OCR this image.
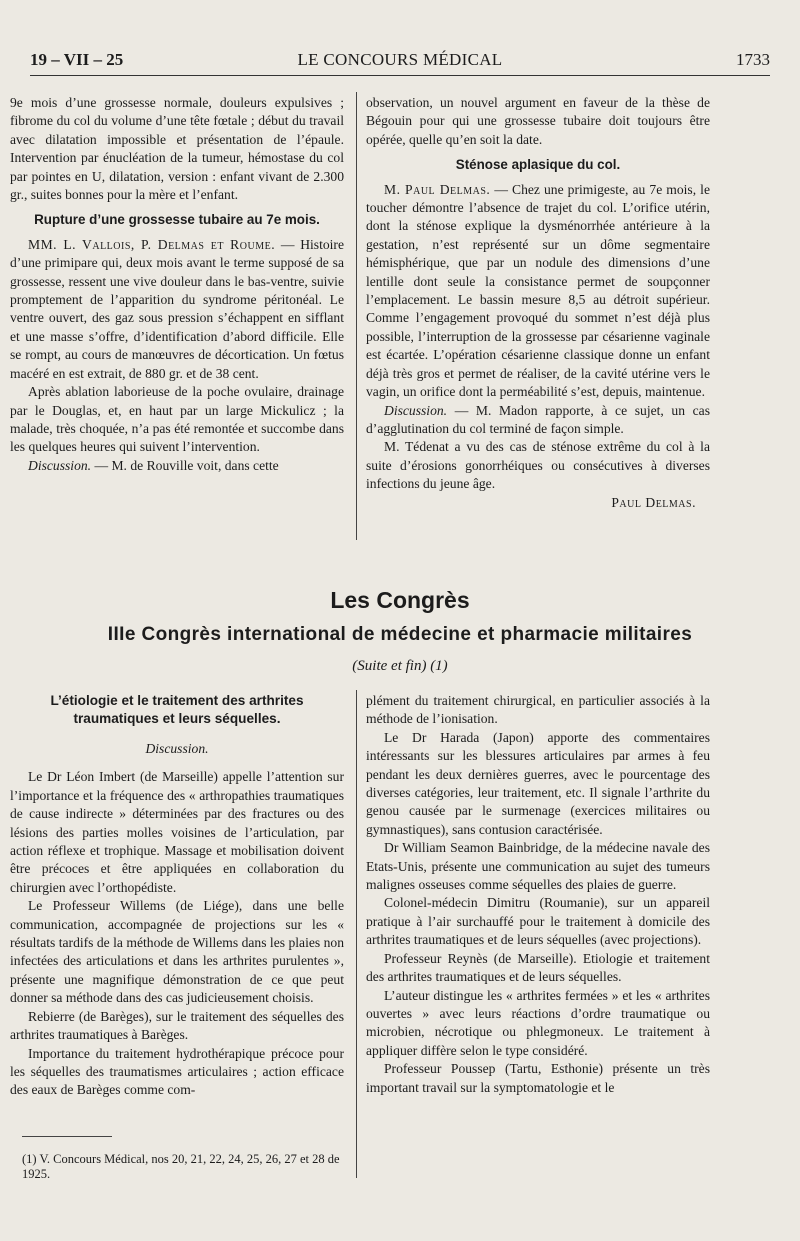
19 – VII – 25	LE CONCOURS MÉDICAL	1733

9e mois d’une grossesse normale, douleurs expulsives ; fibrome du col du volume d’une tête fœtale ; début du travail avec dilatation impossible et présentation de l’épaule. Intervention par énucléation de la tumeur, hémostase du col par pointes en U, dilatation, version : enfant vivant de 2.300 gr., suites bonnes pour la mère et l’enfant.

Rupture d’une grossesse tubaire au 7e mois.

MM. L. Vallois, P. Delmas et Roume. — Histoire d’une primipare qui, deux mois avant le terme supposé de sa grossesse, ressent une vive douleur dans le bas-ventre, suivie promptement de l’apparition du syndrome péritonéal. Le ventre ouvert, des gaz sous pression s’échappent en sifflant et une masse s’offre, d’identification d’abord difficile. Elle se rompt, au cours de manœuvres de décortication. Un fœtus macéré en est extrait, de 880 gr. et de 38 cent.

Après ablation laborieuse de la poche ovulaire, drainage par le Douglas, et, en haut par un large Mickulicz ; la malade, très choquée, n’a pas été remontée et succombe dans les quelques heures qui suivent l’intervention.

Discussion. — M. de Rouville voit, dans cette

observation, un nouvel argument en faveur de la thèse de Bégouin pour qui une grossesse tubaire doit toujours être opérée, quelle qu’en soit la date.

Sténose aplasique du col.

M. Paul Delmas. — Chez une primigeste, au 7e mois, le toucher démontre l’absence de trajet du col. L’orifice utérin, dont la sténose explique la dysménorrhée antérieure à la gestation, n’est représenté sur un dôme segmentaire hémisphérique, que par un nodule des dimensions d’une lentille dont seule la consistance permet de soupçonner l’emplacement. Le bassin mesure 8,5 au détroit supérieur. Comme l’engagement provoqué du sommet n’est déjà plus possible, l’interruption de la grossesse par césarienne vaginale est écartée. L’opération césarienne classique donne un enfant déjà très gros et permet de réaliser, de la cavité utérine vers le vagin, un orifice dont la perméabilité s’est, depuis, maintenue.

Discussion. — M. Madon rapporte, à ce sujet, un cas d’agglutination du col terminé de façon simple.

M. Tédenat a vu des cas de sténose extrême du col à la suite d’érosions gonorrhéiques ou consécutives à diverses infections du jeune âge.

Paul Delmas.

Les Congrès
IIIe Congrès international de médecine et pharmacie militaires
(Suite et fin) (1)
L’étiologie et le traitement des arthrites traumatiques et leurs séquelles.
Discussion.

Le Dr Léon Imbert (de Marseille) appelle l’attention sur l’importance et la fréquence des « arthropathies traumatiques de cause indirecte » déterminées par des fractures ou des lésions des parties molles voisines de l’articulation, par action réflexe et trophique. Massage et mobilisation doivent être précoces et être appliquées en collaboration du chirurgien avec l’orthopédiste.

Le Professeur Willems (de Liége), dans une belle communication, accompagnée de projections sur les « résultats tardifs de la méthode de Willems dans les plaies non infectées des articulations et dans les arthrites purulentes », présente une magnifique démonstration de ce que peut donner sa méthode dans des cas judicieusement choisis.

Rebierre (de Barèges), sur le traitement des séquelles des arthrites traumatiques à Barèges.

Importance du traitement hydrothérapique précoce pour les séquelles des traumatismes articulaires ; action efficace des eaux de Barèges comme com-

plément du traitement chirurgical, en particulier associés à la méthode de l’ionisation.

Le Dr Harada (Japon) apporte des commentaires intéressants sur les blessures articulaires par armes à feu pendant les deux dernières guerres, avec le pourcentage des diverses catégories, leur traitement, etc. Il signale l’arthrite du genou causée par le surmenage (exercices militaires ou gymnastiques), sans contusion caractérisée.

Dr William Seamon Bainbridge, de la médecine navale des Etats-Unis, présente une communication au sujet des tumeurs malignes osseuses comme séquelles des plaies de guerre.

Colonel-médecin Dimitru (Roumanie), sur un appareil pratique à l’air surchauffé pour le traitement à domicile des arthrites traumatiques et de leurs séquelles (avec projections).

Professeur Reynès (de Marseille). Etiologie et traitement des arthrites traumatiques et de leurs séquelles.

L’auteur distingue les « arthrites fermées » et les « arthrites ouvertes » avec leurs réactions d’ordre traumatique ou microbien, nécrotique ou phlegmoneux. Le traitement à appliquer diffère selon le type considéré.

Professeur Poussep (Tartu, Esthonie) présente un très important travail sur la symptomatologie et le

(1) V. Concours Médical, nos 20, 21, 22, 24, 25, 26, 27 et 28 de 1925.
